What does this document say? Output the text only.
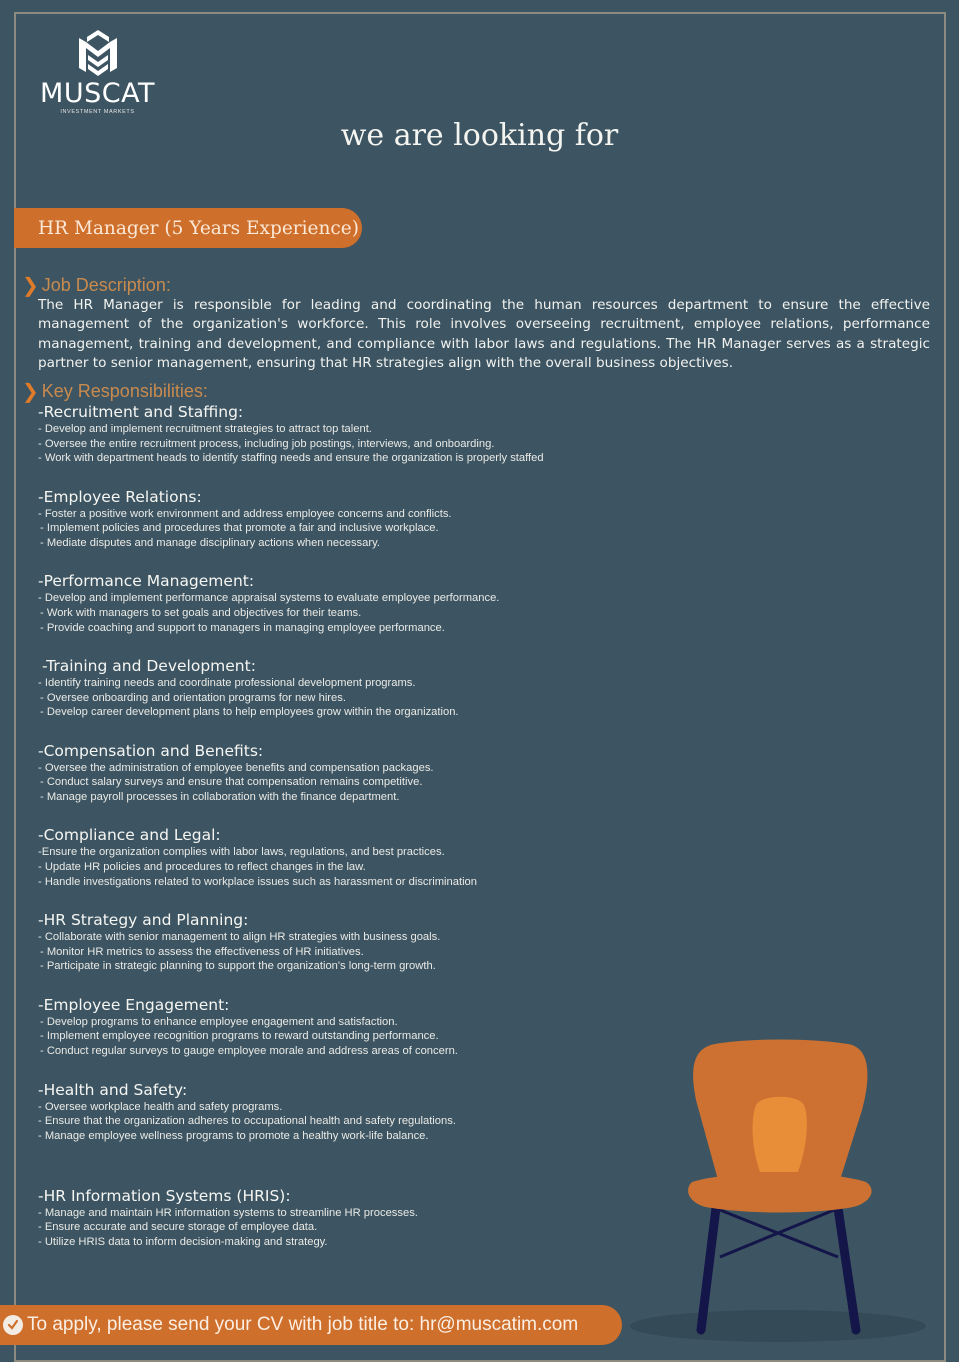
MUSCAT
INVESTMENT MARKETS
we are looking for
HR Manager (5 Years Experience)
❯ Job Description:
The HR Manager is responsible for leading and coordinating the human resources department to ensure the effective management of the organization's workforce. This role involves overseeing recruitment, employee relations, performance management, training and development, and compliance with labor laws and regulations. The HR Manager serves as a strategic partner to senior management, ensuring that HR strategies align with the overall business objectives.
❯ Key Responsibilities:
-Recruitment and Staffing:
- Develop and implement recruitment strategies to attract top talent.
- Oversee the entire recruitment process, including job postings, interviews, and onboarding.
- Work with department heads to identify staffing needs and ensure the organization is properly staffed
-Employee Relations:
- Foster a positive work environment and address employee concerns and conflicts.
- Implement policies and procedures that promote a fair and inclusive workplace.
- Mediate disputes and manage disciplinary actions when necessary.
-Performance Management:
- Develop and implement performance appraisal systems to evaluate employee performance.
- Work with managers to set goals and objectives for their teams.
- Provide coaching and support to managers in managing employee performance.
-Training and Development:
- Identify training needs and coordinate professional development programs.
- Oversee onboarding and orientation programs for new hires.
- Develop career development plans to help employees grow within the organization.
-Compensation and Benefits:
- Oversee the administration of employee benefits and compensation packages.
- Conduct salary surveys and ensure that compensation remains competitive.
- Manage payroll processes in collaboration with the finance department.
-Compliance and Legal:
-Ensure the organization complies with labor laws, regulations, and best practices.
- Update HR policies and procedures to reflect changes in the law.
- Handle investigations related to workplace issues such as harassment or discrimination
-HR Strategy and Planning:
- Collaborate with senior management to align HR strategies with business goals.
- Monitor HR metrics to assess the effectiveness of HR initiatives.
- Participate in strategic planning to support the organization's long-term growth.
-Employee Engagement:
- Develop programs to enhance employee engagement and satisfaction.
- Implement employee recognition programs to reward outstanding performance.
- Conduct regular surveys to gauge employee morale and address areas of concern.
-Health and Safety:
- Oversee workplace health and safety programs.
- Ensure that the organization adheres to occupational health and safety regulations.
- Manage employee wellness programs to promote a healthy work-life balance.
-HR Information Systems (HRIS):
- Manage and maintain HR information systems to streamline HR processes.
- Ensure accurate and secure storage of employee data.
- Utilize HRIS data to inform decision-making and strategy.
To apply, please send your CV with job title to: hr@muscatim.com
